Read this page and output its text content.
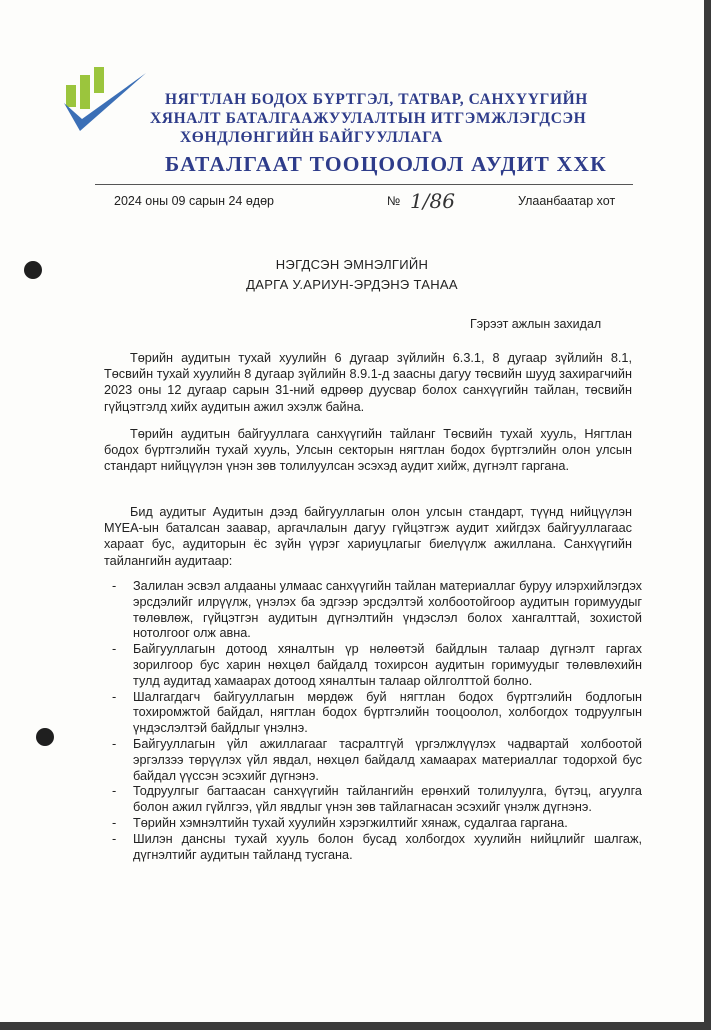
НЯГТЛАН БОДОХ БҮРТГЭЛ, ТАТВАР, САНХҮҮГИЙН
ХЯНАЛТ БАТАЛГААЖУУЛАЛТЫН ИТГЭМЖЛЭГДСЭН
ХӨНДЛӨНГИЙН БАЙГУУЛЛАГА
БАТАЛГААТ ТООЦООЛОЛ АУДИТ ХХК
2024 оны 09 сарын 24 өдөр	№ 1/86	Улаанбаатар хот
НЭГДСЭН ЭМНЭЛГИЙН
ДАРГА У.АРИУН-ЭРДЭНЭ ТАНАА
Гэрээт ажлын захидал
Төрийн аудитын тухай хуулийн 6 дугаар зүйлийн 6.3.1, 8 дугаар зүйлийн 8.1, Төсвийн тухай хуулийн 8 дугаар зүйлийн 8.9.1-д заасны дагуу төсвийн шууд захирагчийн 2023 оны 12 дугаар сарын 31-ний өдрөөр дуусвар болох санхүүгийн тайлан, төсвийн гүйцэтгэлд хийх аудитын ажил эхэлж байна.
Төрийн аудитын байгууллага санхүүгийн тайланг Төсвийн тухай хууль, Нягтлан бодох бүртгэлийн тухай хууль, Улсын секторын нягтлан бодох бүртгэлийн олон улсын стандарт нийцүүлэн үнэн зөв толилуулсан эсэхэд аудит хийж, дүгнэлт гаргана.
Бид аудитыг Аудитын дээд байгууллагын олон улсын стандарт, түүнд нийцүүлэн МҮЕА-ын баталсан заавар, аргачлалын дагуу гүйцэтгэж аудит хийгдэх байгууллагаас хараат бус, аудиторын ёс зүйн үүрэг хариуцлагыг биелүүлж ажиллана. Санхүүгийн тайлангийн аудитаар:
- Залилан эсвэл алдааны улмаас санхүүгийн тайлан материаллаг буруу илэрхийлэгдэх эрсдэлийг илрүүлж, үнэлэх ба эдгээр эрсдэлтэй холбоотойгоор аудитын горимуудыг төлөвлөж, гүйцэтгэн аудитын дүгнэлтийн үндэслэл болох хангалттай, зохистой нотолгоог олж авна.
- Байгууллагын дотоод хяналтын үр нөлөөтэй байдлын талаар дүгнэлт гаргах зорилгоор бус харин нөхцөл байдалд тохирсон аудитын горимуудыг төлөвлөхийн тулд аудитад хамаарах дотоод хяналтын талаар ойлголттой болно.
- Шалгагдагч байгууллагын мөрдөж буй нягтлан бодох бүртгэлийн бодлогын тохиромжтой байдал, нягтлан бодох бүртгэлийн тооцоолол, холбогдох тодруулгын үндэслэлтэй байдлыг үнэлнэ.
- Байгууллагын үйл ажиллагааг тасралтгүй үргэлжлүүлэх чадвартай холбоотой эргэлзээ төрүүлэх үйл явдал, нөхцөл байдалд хамаарах материаллаг тодорхой бус байдал үүссэн эсэхийг дүгнэнэ.
- Тодруулгыг багтаасан санхүүгийн тайлангийн ерөнхий толилуулга, бүтэц, агуулга болон ажил гүйлгээ, үйл явдлыг үнэн зөв тайлагнасан эсэхийг үнэлж дүгнэнэ.
- Төрийн хэмнэлтийн тухай хуулийн хэрэгжилтийг хянаж, судалгаа гаргана.
- Шилэн дансны тухай хууль болон бусад холбогдох хуулийн нийцлийг шалгаж, дүгнэлтийг аудитын тайланд тусгана.
